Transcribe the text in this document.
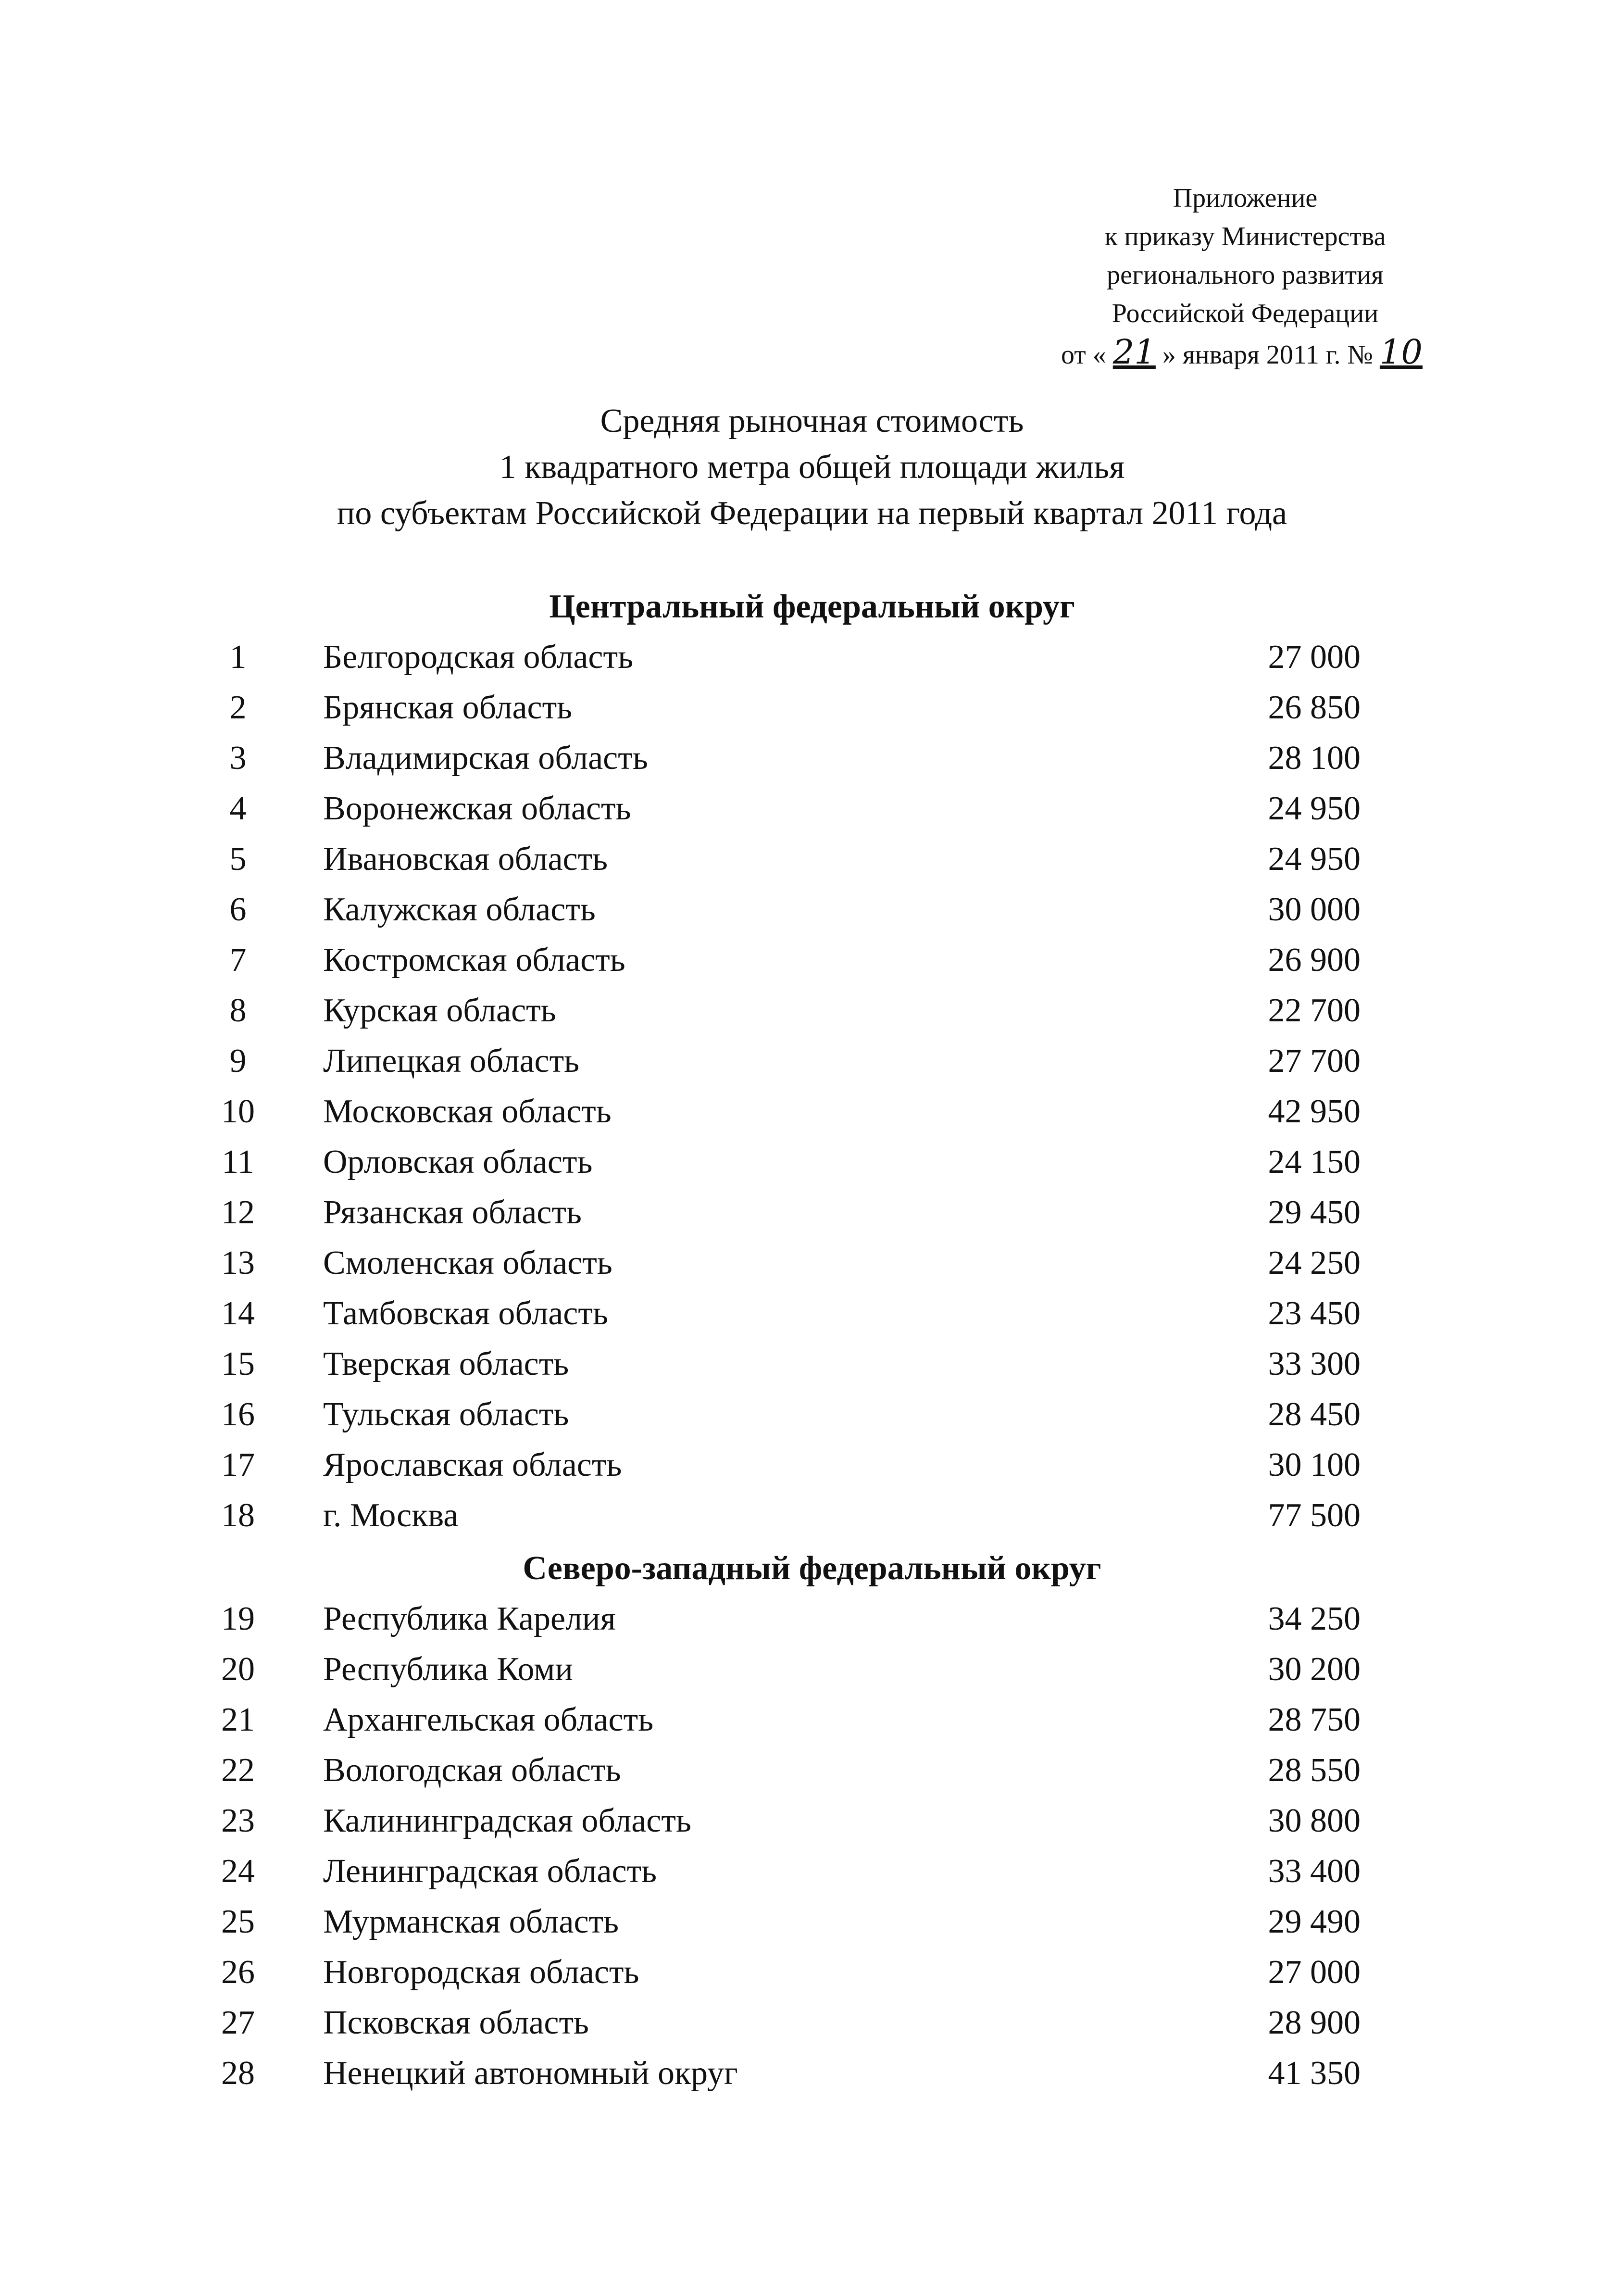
Приложение
к приказу Министерства
регионального развития
Российской Федерации
от « 21 » января 2011 г. № 10
Средняя рыночная стоимость
1 квадратного метра общей площади жилья
по субъектам Российской Федерации на первый квартал 2011 года
Центральный федеральный округ
Северо-западный федеральный округ
1	Белгородская область	27 000
2	Брянская область	26 850
3	Владимирская область	28 100
4	Воронежская область	24 950
5	Ивановская область	24 950
6	Калужская область	30 000
7	Костромская область	26 900
8	Курская область	22 700
9	Липецкая область	27 700
10	Московская область	42 950
11	Орловская область	24 150
12	Рязанская область	29 450
13	Смоленская область	24 250
14	Тамбовская область	23 450
15	Тверская область	33 300
16	Тульская область	28 450
17	Ярославская область	30 100
18	г. Москва	77 500
19	Республика Карелия	34 250
20	Республика Коми	30 200
21	Архангельская область	28 750
22	Вологодская область	28 550
23	Калининградская область	30 800
24	Ленинградская область	33 400
25	Мурманская область	29 490
26	Новгородская область	27 000
27	Псковская область	28 900
28	Ненецкий автономный округ	41 350
